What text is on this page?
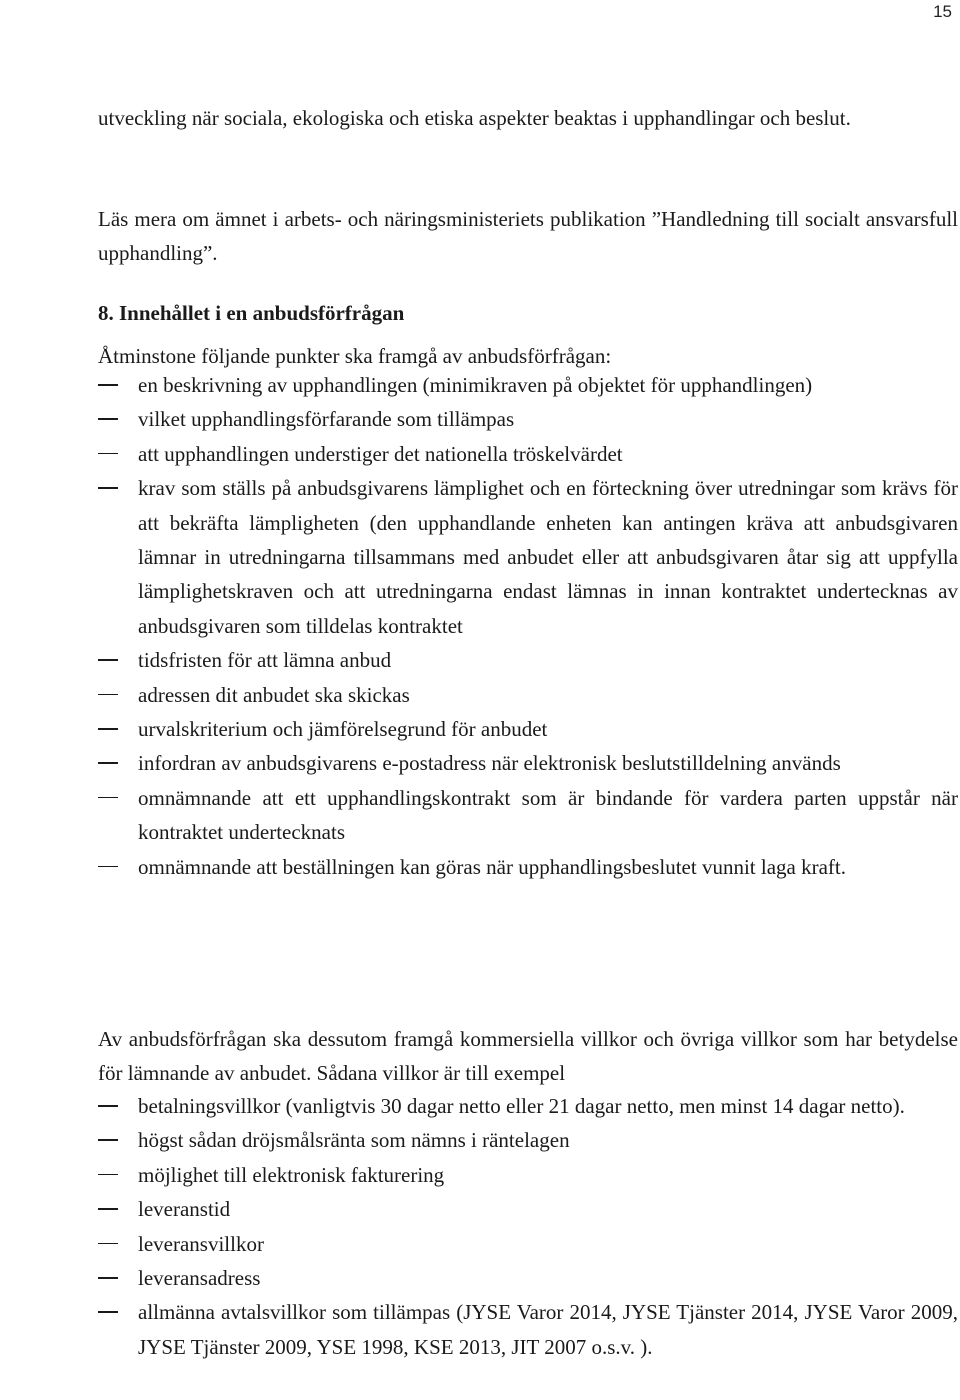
15

utveckling när sociala, ekologiska och etiska aspekter beaktas i upphandlingar och beslut.

Läs mera om ämnet i arbets- och näringsministeriets publikation ”Handledning till socialt ansvarsfull upphandling”.

8. Innehållet i en anbudsförfrågan

Åtminstone följande punkter ska framgå av anbudsförfrågan:

en beskrivning av upphandlingen (minimikraven på objektet för upphandlingen)
vilket upphandlingsförfarande som tillämpas
att upphandlingen understiger det nationella tröskelvärdet
krav som ställs på anbudsgivarens lämplighet och en förteckning över utredningar som krävs för att bekräfta lämpligheten (den upphandlande enheten kan antingen kräva att anbudsgivaren lämnar in utredningarna tillsammans med anbudet eller att anbudsgivaren åtar sig att uppfylla lämplighetskraven och att utredningarna endast lämnas in innan kontraktet undertecknas av anbudsgivaren som tilldelas kontraktet
tidsfristen för att lämna anbud
adressen dit anbudet ska skickas
urvalskriterium och jämförelsegrund för anbudet
infordran av anbudsgivarens e-postadress när elektronisk beslutstilldelning används
omnämnande att ett upphandlingskontrakt som är bindande för vardera parten uppstår när kontraktet undertecknats
omnämnande att beställningen kan göras när upphandlingsbeslutet vunnit laga kraft.

Av anbudsförfrågan ska dessutom framgå kommersiella villkor och övriga villkor som har betydelse för lämnande av anbudet. Sådana villkor är till exempel

betalningsvillkor (vanligtvis 30 dagar netto eller 21 dagar netto, men minst 14 dagar netto).
högst sådan dröjsmålsränta som nämns i räntelagen
möjlighet till elektronisk fakturering
leveranstid
leveransvillkor
leveransadress
allmänna avtalsvillkor som tillämpas (JYSE Varor 2014, JYSE Tjänster 2014, JYSE Varor 2009, JYSE Tjänster 2009, YSE 1998, KSE 2013, JIT 2007 o.s.v. ).
